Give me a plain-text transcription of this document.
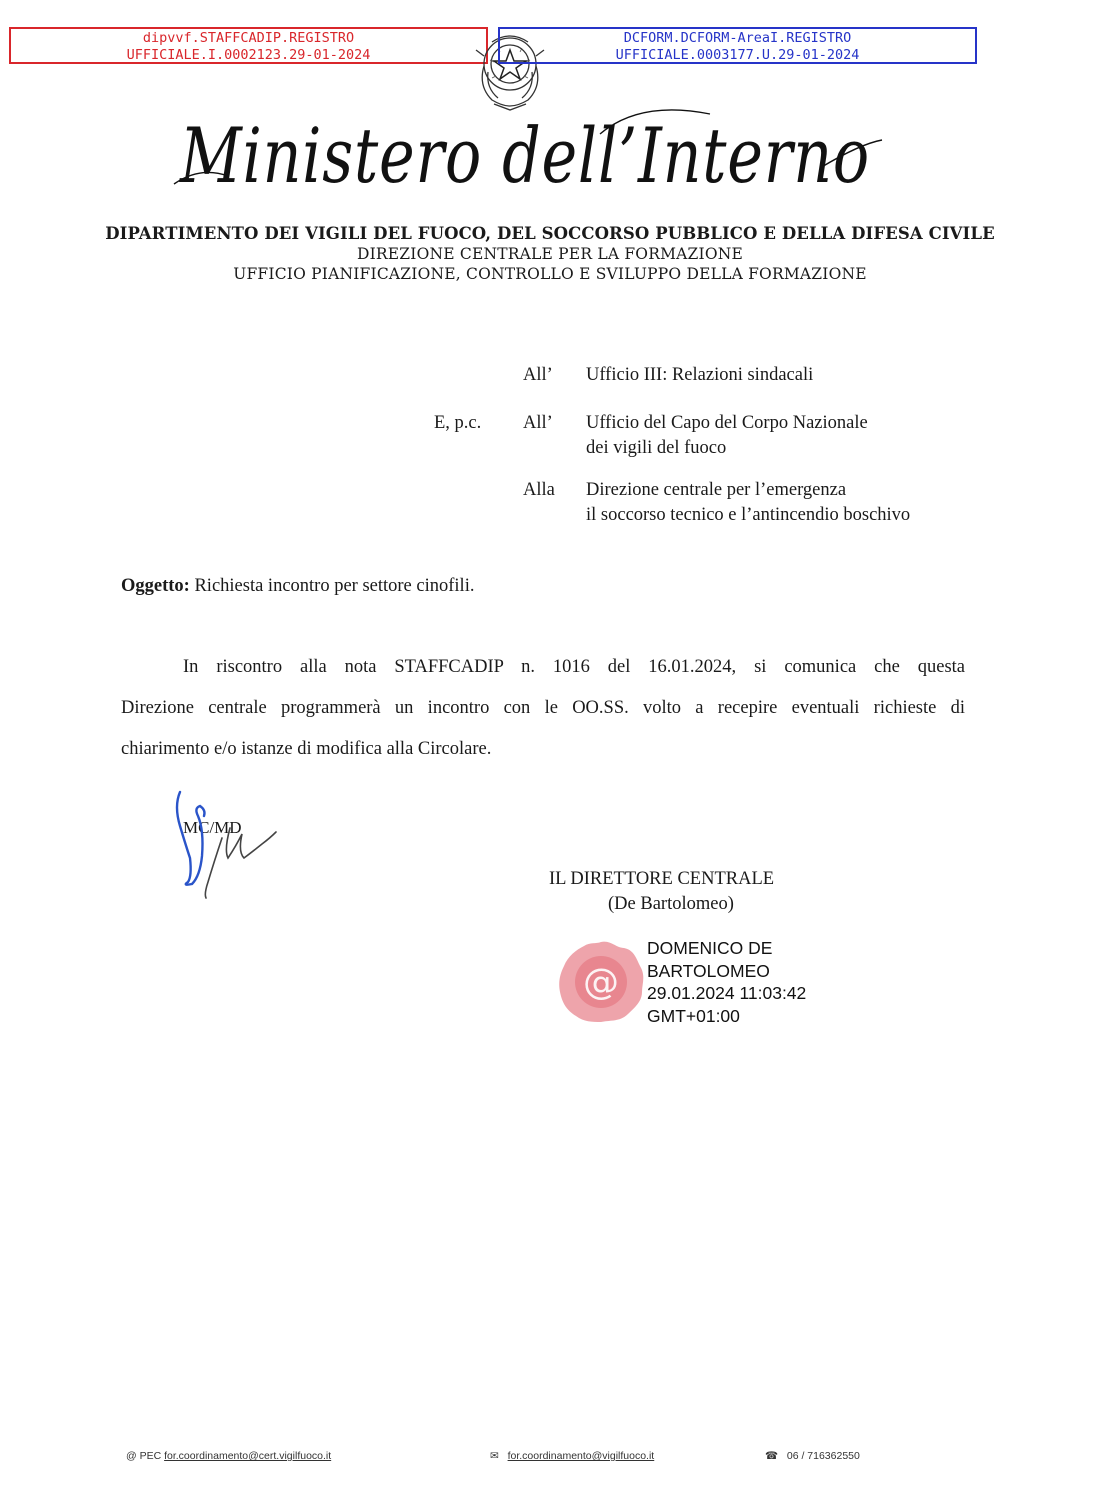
dipvvf.STAFFCADIP.REGISTRO
UFFICIALE.I.0002123.29-01-2024
DCFORM.DCFORM-AreaI.REGISTRO
UFFICIALE.0003177.U.29-01-2024
Ministero dell’Interno
DIPARTIMENTO DEI VIGILI DEL FUOCO, DEL SOCCORSO PUBBLICO E DELLA DIFESA CIVILE
DIREZIONE CENTRALE PER LA FORMAZIONE
UFFICIO PIANIFICAZIONE, CONTROLLO E SVILUPPO DELLA FORMAZIONE
All’ Ufficio III: Relazioni sindacali
E, p.c. All’ Ufficio del Capo del Corpo Nazionale
dei vigili del fuoco
Alla Direzione centrale per l’emergenza
il soccorso tecnico e l’antincendio boschivo
Oggetto: Richiesta incontro per settore cinofili.
In riscontro alla nota STAFFCADIP n. 1016 del 16.01.2024, si comunica che questa
Direzione centrale programmerà un incontro con le OO.SS. volto a recepire eventuali richieste di
chiarimento e/o istanze di modifica alla Circolare.
MC/MD
IL DIRETTORE CENTRALE
(De Bartolomeo)
@
DOMENICO DE
BARTOLOMEO
29.01.2024 11:03:42
GMT+01:00
@ PEC for.coordinamento@cert.vigilfuoco.it	✉ for.coordinamento@vigilfuoco.it	☎ 06 / 716362550
